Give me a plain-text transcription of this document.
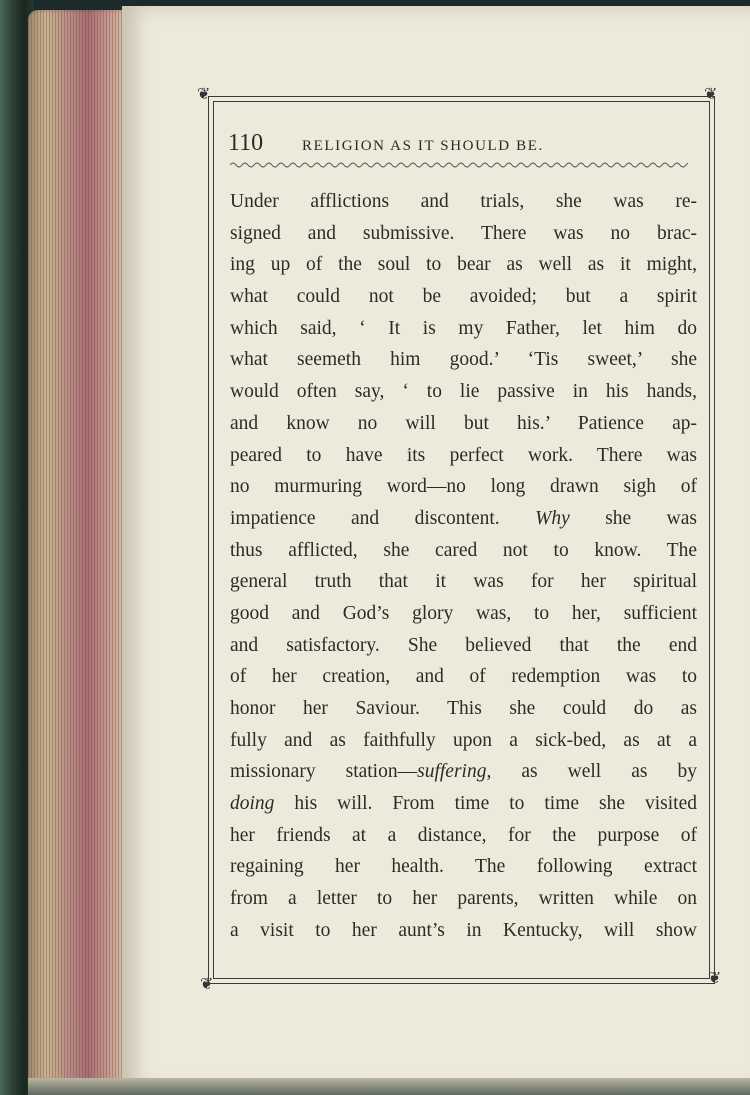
❦	❦
❦	❦
110	RELIGION AS IT SHOULD BE.
Under afflictions and trials, she was re-
signed and submissive. There was no brac-
ing up of the soul to bear as well as it might,
what could not be avoided; but a spirit
which said, ‘ It is my Father, let him do
what seemeth him good.’ ‘Tis sweet,’ she
would often say, ‘ to lie passive in his hands,
and know no will but his.’ Patience ap-
peared to have its perfect work. There was
no murmuring word—no long drawn sigh of
impatience and discontent. Why she was
thus afflicted, she cared not to know. The
general truth that it was for her spiritual
good and God’s glory was, to her, sufficient
and satisfactory. She believed that the end
of her creation, and of redemption was to
honor her Saviour. This she could do as
fully and as faithfully upon a sick-bed, as at a
missionary station—suffering, as well as by
doing his will. From time to time she visited
her friends at a distance, for the purpose of
regaining her health. The following extract
from a letter to her parents, written while on
a visit to her aunt’s in Kentucky, will show
